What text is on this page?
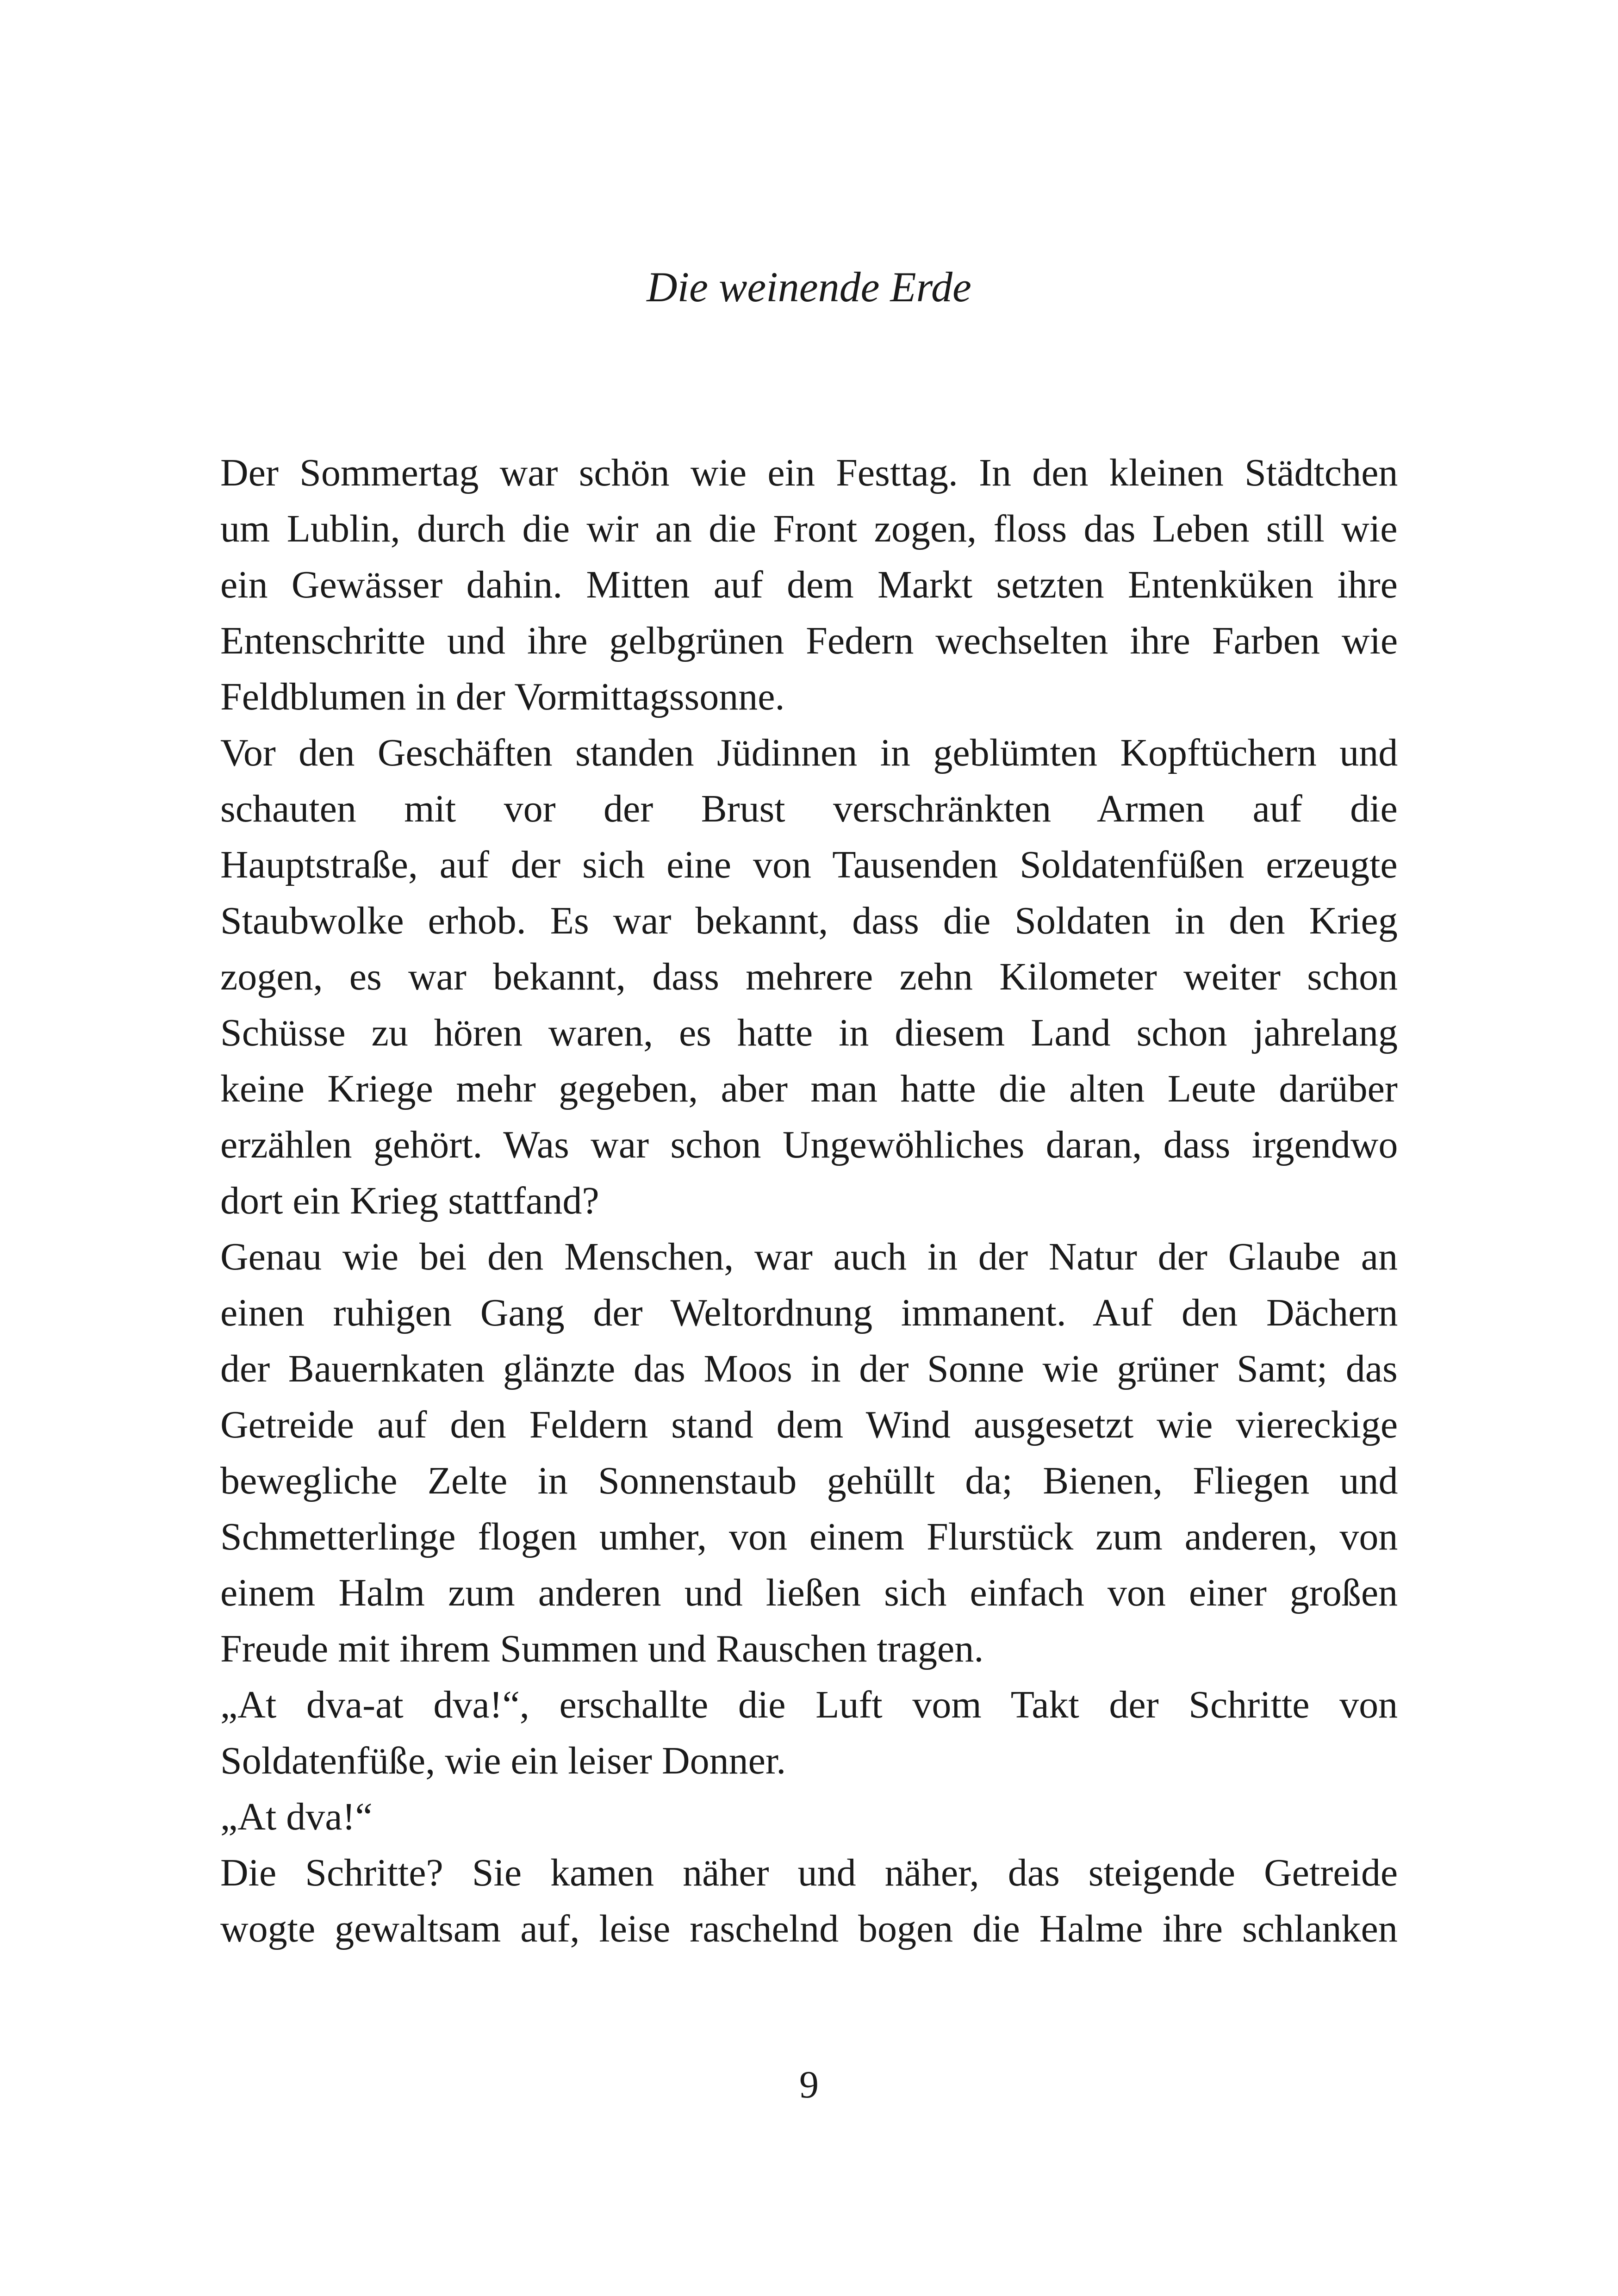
Die weinende Erde
Der Sommertag war schön wie ein Festtag. In den kleinen Städtchen
um Lublin, durch die wir an die Front zogen, floss das Leben still wie
ein Gewässer dahin. Mitten auf dem Markt setzten Entenküken ihre
Entenschritte und ihre gelbgrünen Federn wechselten ihre Farben wie
Feldblumen in der Vormittagssonne.
Vor den Geschäften standen Jüdinnen in geblümten Kopftüchern und
schauten mit vor der Brust verschränkten Armen auf die
Hauptstraße, auf der sich eine von Tausenden Soldatenfüßen erzeugte
Staubwolke erhob. Es war bekannt, dass die Soldaten in den Krieg
zogen, es war bekannt, dass mehrere zehn Kilometer weiter schon
Schüsse zu hören waren, es hatte in diesem Land schon jahrelang
keine Kriege mehr gegeben, aber man hatte die alten Leute darüber
erzählen gehört. Was war schon Ungewöhliches daran, dass irgendwo
dort ein Krieg stattfand?
Genau wie bei den Menschen, war auch in der Natur der Glaube an
einen ruhigen Gang der Weltordnung immanent. Auf den Dächern
der Bauernkaten glänzte das Moos in der Sonne wie grüner Samt; das
Getreide auf den Feldern stand dem Wind ausgesetzt wie viereckige
bewegliche Zelte in Sonnenstaub gehüllt da; Bienen, Fliegen und
Schmetterlinge flogen umher, von einem Flurstück zum anderen, von
einem Halm zum anderen und ließen sich einfach von einer großen
Freude mit ihrem Summen und Rauschen tragen.
„At dva-at dva!“, erschallte die Luft vom Takt der Schritte von
Soldatenfüße, wie ein leiser Donner.
„At dva!“
Die Schritte? Sie kamen näher und näher, das steigende Getreide
wogte gewaltsam auf, leise raschelnd bogen die Halme ihre schlanken
9
